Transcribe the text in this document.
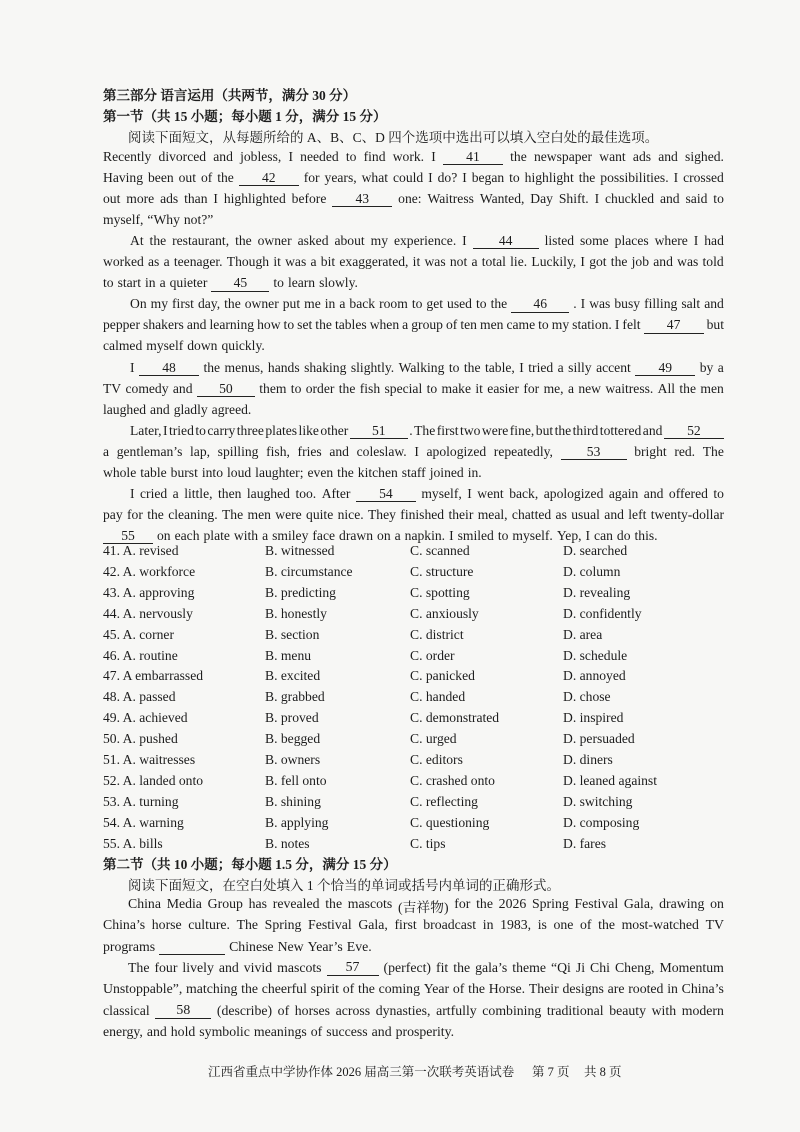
第三部分 语言运用（共两节，满分 30 分）
第一节（共 15 小题；每小题 1 分，满分 15 分）
阅读下面短文，从每题所给的 A、B、C、D 四个选项中选出可以填入空白处的最佳选项。
Recently divorced and jobless, I needed to find work. I	41	the newspaper want ads and sighed.
Having been out of the	42	for years, what could I do? I began to highlight the possibilities. I crossed
out more ads than I highlighted before	43	one: Waitress Wanted, Day Shift. I chuckled and said to
myself, “Why not?”
At the restaurant, the owner asked about my experience. I	44	listed some places where I had
worked as a teenager. Though it was a bit exaggerated, it was not a total lie. Luckily, I got the job and was told
to start in a quieter	45	to learn slowly.
On my first day, the owner put me in a back room to get used to the	46	. I was busy filling salt and
pepper shakers and learning how to set the tables when a group of ten men came to my station. I felt	47	but
calmed myself down quickly.
I	48	the menus, hands shaking slightly. Walking to the table, I tried a silly accent	49	by a
TV comedy and	50	them to order the fish special to make it easier for me, a new waitress. All the men
laughed and gladly agreed.
Later, I tried to carry three plates like other	51	. The first two were fine, but the third tottered and	52
a gentleman’s lap, spilling fish, fries and coleslaw. I apologized repeatedly,	53	bright red. The
whole table burst into loud laughter; even the kitchen staff joined in.
I cried a little, then laughed too. After	54	myself, I went back, apologized again and offered to
pay for the cleaning. The men were quite nice. They finished their meal, chatted as usual and left twenty-dollar
55	on each plate with a smiley face drawn on a napkin. I smiled to myself. Yep, I can do this.
41. A. revised	B. witnessed	C. scanned	D. searched
42. A. workforce	B. circumstance	C. structure	D. column
43. A. approving	B. predicting	C. spotting	D. revealing
44. A. nervously	B. honestly	C. anxiously	D. confidently
45. A. corner	B. section	C. district	D. area
46. A. routine	B. menu	C. order	D. schedule
47. A embarrassed	B. excited	C. panicked	D. annoyed
48. A. passed	B. grabbed	C. handed	D. chose
49. A. achieved	B. proved	C. demonstrated	D. inspired
50. A. pushed	B. begged	C. urged	D. persuaded
51. A. waitresses	B. owners	C. editors	D. diners
52. A. landed onto	B. fell onto	C. crashed onto	D. leaned against
53. A. turning	B. shining	C. reflecting	D. switching
54. A. warning	B. applying	C. questioning	D. composing
55. A. bills	B. notes	C. tips	D. fares
第二节（共 10 小题；每小题 1.5 分，满分 15 分）
阅读下面短文，在空白处填入 1 个恰当的单词或括号内单词的正确形式。
China Media Group has revealed the mascots (吉祥物) for the 2026 Spring Festival Gala, drawing on
China’s horse culture. The Spring Festival Gala, first broadcast in 1983, is one of the most-watched TV
programs	Chinese New Year’s Eve.
The four lively and vivid mascots	57	(perfect) fit the gala’s theme “Qi Ji Chi Cheng, Momentum
Unstoppable”, matching the cheerful spirit of the coming Year of the Horse. Their designs are rooted in China’s
classical	58	(describe) of horses across dynasties, artfully combining traditional beauty with modern
energy, and hold symbolic meanings of success and prosperity.
江西省重点中学协作体 2026 届高三第一次联考英语试卷 第 7 页 共 8 页
